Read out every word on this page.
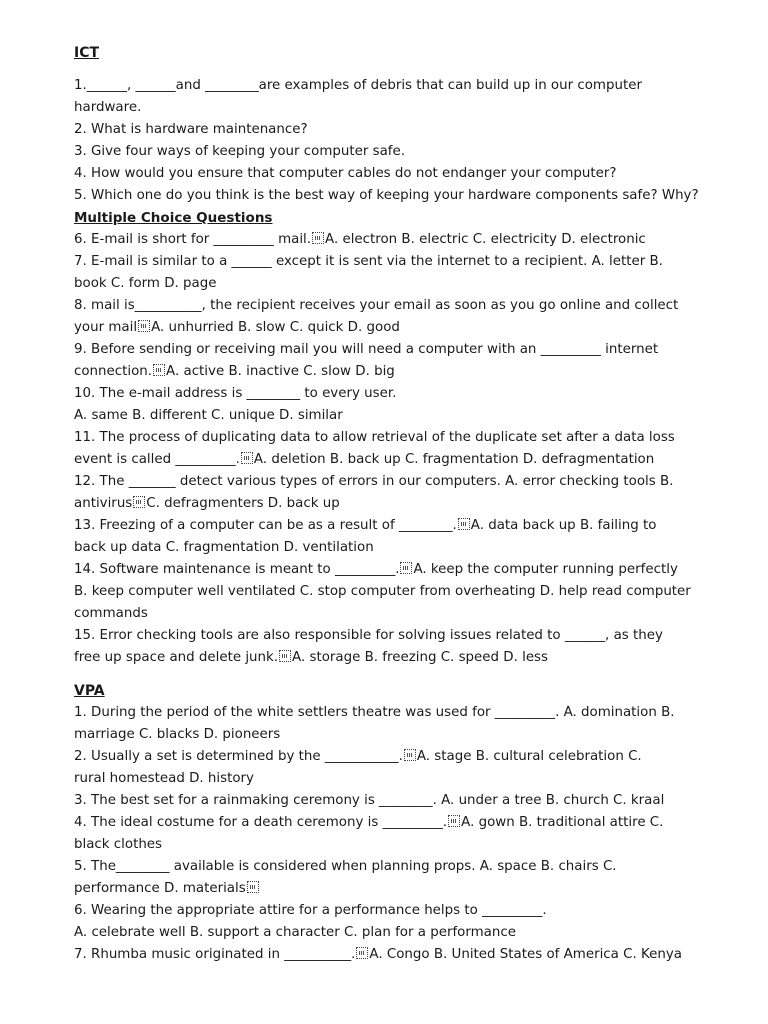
ICT

1.______, ______and ________are examples of debris that can build up in our computer

hardware.

2. What is hardware maintenance?

3. Give four ways of keeping your computer safe.

4. How would you ensure that computer cables do not endanger your computer?

5. Which one do you think is the best way of keeping your hardware components safe? Why?

Multiple Choice Questions

6. E-mail is short for _________ mail. A. electron B. electric C. electricity D. electronic

7. E-mail is similar to a ______ except it is sent via the internet to a recipient. A. letter B.

book C. form D. page

8. mail is__________, the recipient receives your email as soon as you go online and collect

your mail A. unhurried B. slow C. quick D. good

9. Before sending or receiving mail you will need a computer with an _________ internet

connection. A. active B. inactive C. slow D. big

10. The e-mail address is ________ to every user.

A. same B. different C. unique D. similar

11. The process of duplicating data to allow retrieval of the duplicate set after a data loss

event is called _________. A. deletion B. back up C. fragmentation D. defragmentation

12. The _______ detect various types of errors in our computers. A. error checking tools B.

antivirus C. defragmenters D. back up

13. Freezing of a computer can be as a result of ________. A. data back up B. failing to

back up data C. fragmentation D. ventilation

14. Software maintenance is meant to _________. A. keep the computer running perfectly

B. keep computer well ventilated C. stop computer from overheating D. help read computer

commands

15. Error checking tools are also responsible for solving issues related to ______, as they

free up space and delete junk. A. storage B. freezing C. speed D. less

VPA

1. During the period of the white settlers theatre was used for _________. A. domination B.

marriage C. blacks D. pioneers

2. Usually a set is determined by the ___________. A. stage B. cultural celebration C.

rural homestead D. history

3. The best set for a rainmaking ceremony is ________. A. under a tree B. church C. kraal

4. The ideal costume for a death ceremony is _________. A. gown B. traditional attire C.

black clothes

5. The________ available is considered when planning props. A. space B. chairs C.

performance D. materials

6. Wearing the appropriate attire for a performance helps to _________.

A. celebrate well B. support a character C. plan for a performance

7. Rhumba music originated in __________. A. Congo B. United States of America C. Kenya
